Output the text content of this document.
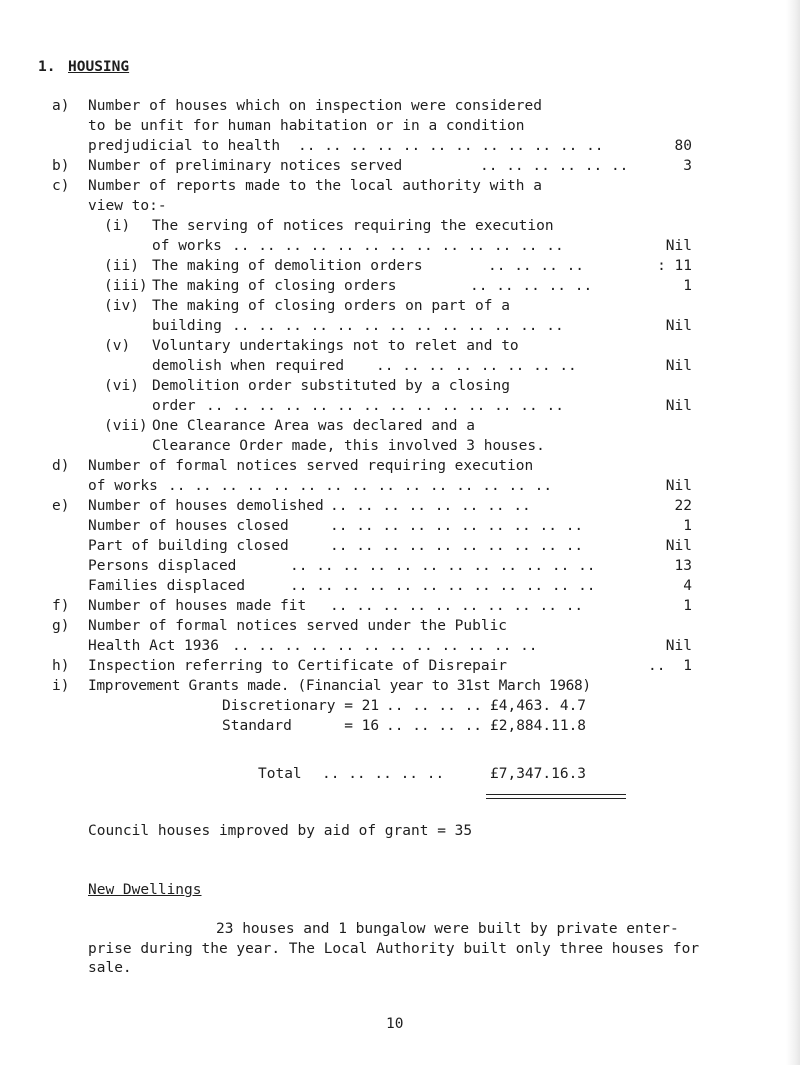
1. HOUSING
a) Number of houses which on inspection were considered
to be unfit for human habitation or in a condition
predjudicial to health .. .. .. .. .. .. .. .. .. .. .. ..	80
b) Number of preliminary notices served	.. .. .. .. .. ..	3
c) Number of reports made to the local authority with a
view to:-
(i) The serving of notices requiring the execution
of works .. .. .. .. .. .. .. .. .. .. .. .. ..	Nil
(ii) The making of demolition orders	.. .. .. ..	: 11
(iii) The making of closing orders	.. .. .. .. ..	1
(iv) The making of closing orders on part of a
building .. .. .. .. .. .. .. .. .. .. .. .. ..	Nil
(v) Voluntary undertakings not to relet and to
demolish when required .. .. .. .. .. .. .. ..	Nil
(vi) Demolition order substituted by a closing
order .. .. .. .. .. .. .. .. .. .. .. .. .. ..	Nil
(vii) One Clearance Area was declared and a
Clearance Order made, this involved 3 houses.
d) Number of formal notices served requiring execution
of works .. .. .. .. .. .. .. .. .. .. .. .. .. .. ..	Nil
e) Number of houses demolished .. .. .. .. .. .. .. ..	22
Number of houses closed	.. .. .. .. .. .. .. .. .. ..	1
Part of building closed	.. .. .. .. .. .. .. .. .. ..	Nil
Persons displaced	.. .. .. .. .. .. .. .. .. .. .. ..	13
Families displaced	.. .. .. .. .. .. .. .. .. .. .. ..	4
f) Number of houses made fit .. .. .. .. .. .. .. .. .. ..	1
g) Number of formal notices served under the Public
Health Act 1936 .. .. .. .. .. .. .. .. .. .. .. ..	Nil
h) Inspection referring to Certificate of Disrepair	.. 1
i) Improvement Grants made. (Financial year to 31st March 1968)
Discretionary = 21 .. .. .. .. £4,463. 4.7
Standard      = 16 .. .. .. .. £2,884.11.8
Total .. .. .. .. ..	£7,347.16.3
Council houses improved by aid of grant = 35
New Dwellings
23 houses and 1 bungalow were built by private enter-prise during the year. The Local Authority built only three houses for sale.
10
